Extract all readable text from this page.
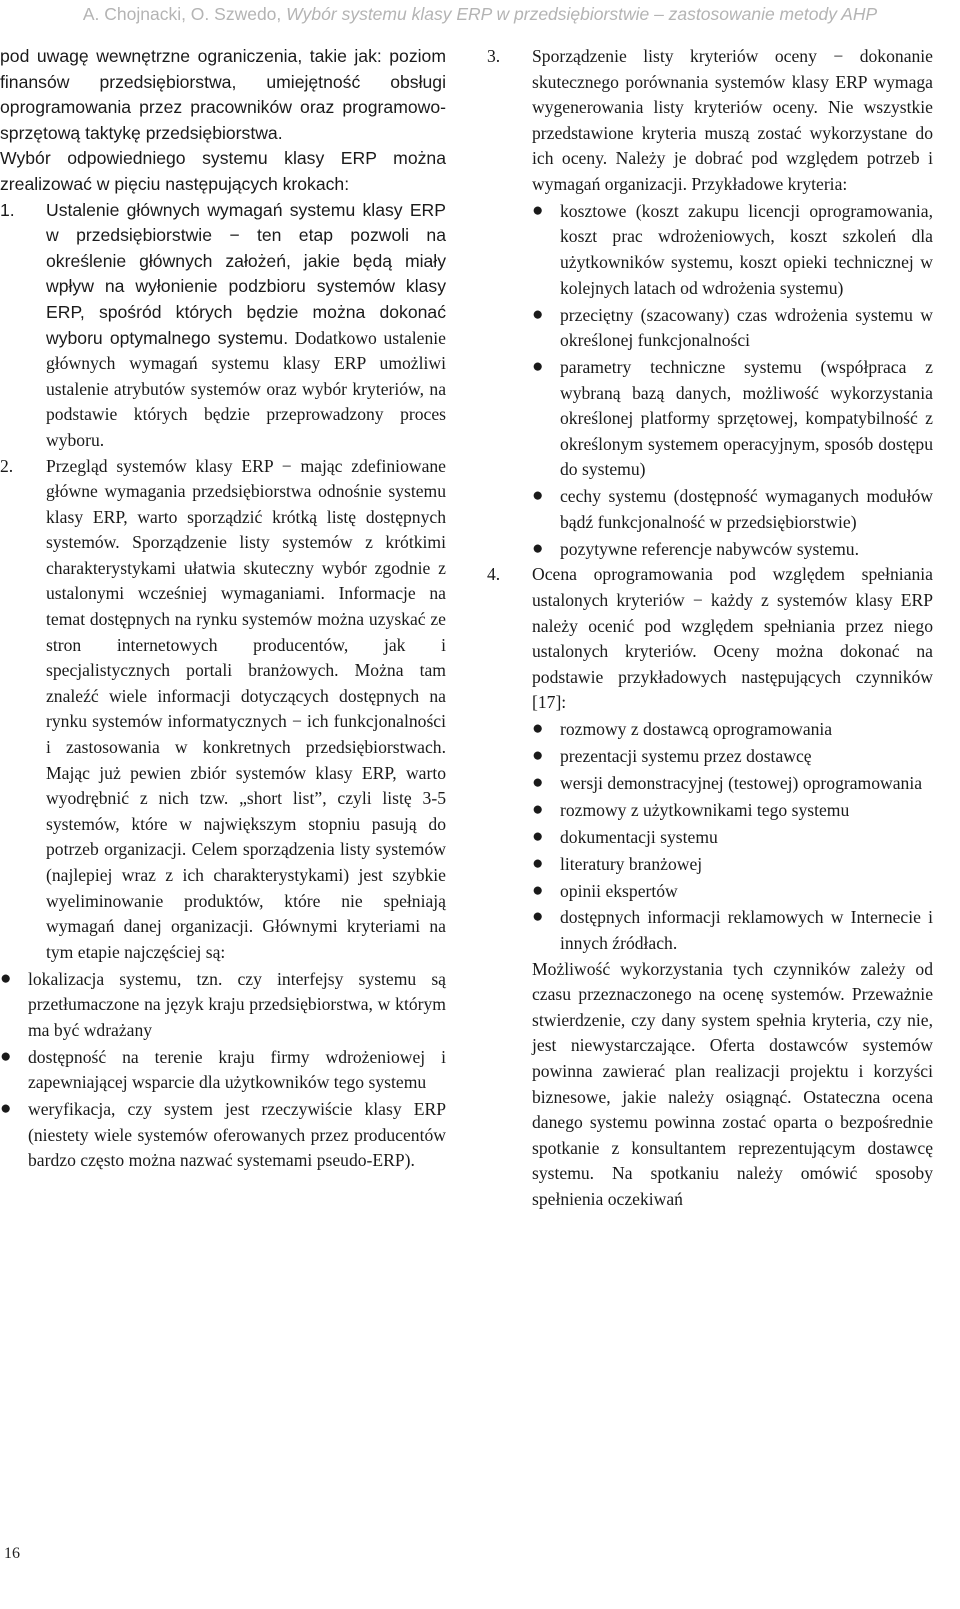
A. Chojnacki, O. Szwedo, Wybór systemu klasy ERP w przedsiębiorstwie – zastosowanie metody AHP

pod uwagę wewnętrzne ograniczenia, takie jak: poziom finansów przedsiębiorstwa, umiejętność obsługi oprogramowania przez pracowników oraz programowo-sprzętową taktykę przedsiębiorstwa.

Wybór odpowiedniego systemu klasy ERP można zrealizować w pięciu następujących krokach:

1.	Ustalenie głównych wymagań systemu klasy ERP w przedsiębiorstwie − ten etap pozwoli na określenie głównych założeń, jakie będą miały wpływ na wyłonienie podzbioru systemów klasy ERP, spośród których będzie można dokonać wyboru optymalnego systemu. Dodatkowo ustalenie głównych wymagań systemu klasy ERP umożliwi ustalenie atrybutów systemów oraz wybór kryteriów, na podstawie których będzie przeprowadzony proces wyboru.
2.	Przegląd systemów klasy ERP − mając zdefiniowane główne wymagania przedsiębiorstwa odnośnie systemu klasy ERP, warto sporządzić krótką listę dostępnych systemów. Sporządzenie listy systemów z krótkimi charakterystykami ułatwia skuteczny wybór zgodnie z ustalonymi wcześniej wymaganiami. Informacje na temat dostępnych na rynku systemów można uzyskać ze stron internetowych producentów, jak i specjalistycznych portali branżowych. Można tam znaleźć wiele informacji dotyczących dostępnych na rynku systemów informatycznych − ich funkcjonalności i zastosowania w konkretnych przedsiębiorstwach. Mając już pewien zbiór systemów klasy ERP, warto wyodrębnić z nich tzw. „short list”, czyli listę 3-5 systemów, które w największym stopniu pasują do potrzeb organizacji. Celem sporządzenia listy systemów (najlepiej wraz z ich charakterystykami) jest szybkie wyeliminowanie produktów, które nie spełniają wymagań danej organizacji. Głównymi kryteriami na tym etapie najczęściej są:
● lokalizacja systemu, tzn. czy interfejsy systemu są przetłumaczone na język kraju przedsiębiorstwa, w którym ma być wdrażany
● dostępność na terenie kraju firmy wdrożeniowej i zapewniającej wsparcie dla użytkowników tego systemu
● weryfikacja, czy system jest rzeczywiście klasy ERP (niestety wiele systemów oferowanych przez producentów bardzo często można nazwać systemami pseudo-ERP).
3.	Sporządzenie listy kryteriów oceny − dokonanie skutecznego porównania systemów klasy ERP wymaga wygenerowania listy kryteriów oceny. Nie wszystkie przedstawione kryteria muszą zostać wykorzystane do ich oceny. Należy je dobrać pod względem potrzeb i wymagań organizacji. Przykładowe kryteria:
● kosztowe (koszt zakupu licencji oprogramowania, koszt prac wdrożeniowych, koszt szkoleń dla użytkowników systemu, koszt opieki technicznej w kolejnych latach od wdrożenia systemu)
● przeciętny (szacowany) czas wdrożenia systemu w określonej funkcjonalności
● parametry techniczne systemu (współpraca z wybraną bazą danych, możliwość wykorzystania określonej platformy sprzętowej, kompatybilność z określonym systemem operacyjnym, sposób dostępu do systemu)
● cechy systemu (dostępność wymaganych modułów bądź funkcjonalność w przedsiębiorstwie)
● pozytywne referencje nabywców systemu.
4.	Ocena oprogramowania pod względem spełniania ustalonych kryteriów − każdy z systemów klasy ERP należy ocenić pod względem spełniania przez niego ustalonych kryteriów. Oceny można dokonać na podstawie przykładowych następujących czynników [17]:
● rozmowy z dostawcą oprogramowania
● prezentacji systemu przez dostawcę
● wersji demonstracyjnej (testowej) oprogramowania
● rozmowy z użytkownikami tego systemu
● dokumentacji systemu
● literatury branżowej
● opinii ekspertów
● dostępnych informacji reklamowych w Internecie i innych źródłach.

Możliwość wykorzystania tych czynników zależy od czasu przeznaczonego na ocenę systemów. Przeważnie stwierdzenie, czy dany system spełnia kryteria, czy nie, jest niewystarczające. Oferta dostawców systemów powinna zawierać plan realizacji projektu i korzyści biznesowe, jakie należy osiągnąć. Ostateczna ocena danego systemu powinna zostać oparta o bezpośrednie spotkanie z konsultantem reprezentującym dostawcę systemu. Na spotkaniu należy omówić sposoby spełnienia oczekiwań

16
